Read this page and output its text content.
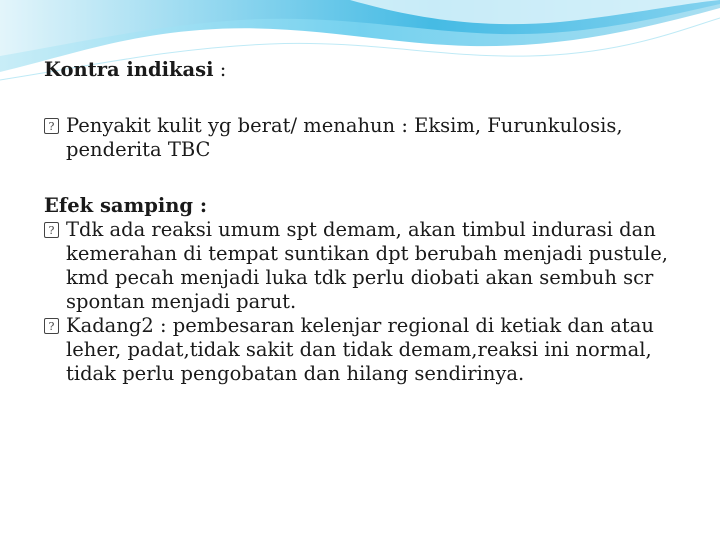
Kontra indikasi :

? Penyakit kulit yg berat/ menahun : Eksim, Furunkulosis, penderita TBC

Efek samping :

? Tdk ada reaksi umum spt demam, akan timbul indurasi dan kemerahan di tempat suntikan dpt berubah menjadi pustule, kmd pecah menjadi luka tdk perlu diobati akan sembuh scr spontan menjadi parut.

? Kadang2 : pembesaran kelenjar regional di ketiak dan atau leher, padat,tidak sakit dan tidak demam,reaksi ini normal, tidak perlu pengobatan dan hilang sendirinya.
